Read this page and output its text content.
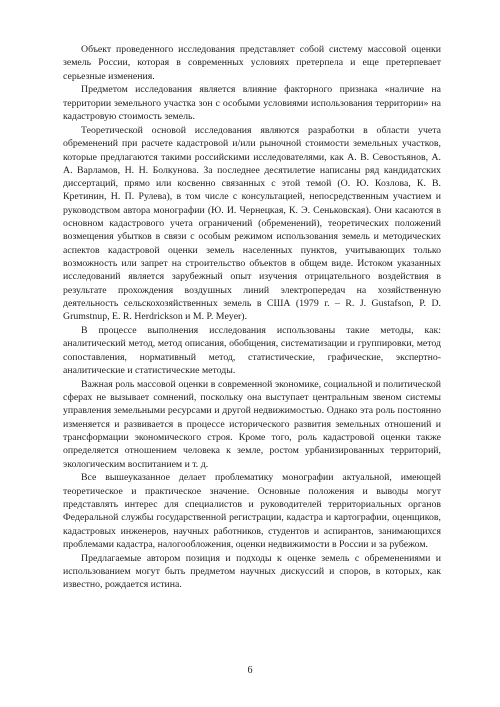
Объект проведенного исследования представляет собой систему массовой оценки земель России, которая в современных условиях претерпела и еще претерпевает серьезные изменения.

Предметом исследования является влияние факторного признака «наличие на территории земельного участка зон с особыми условиями использования территории» на кадастровую стоимость земель.

Теоретической основой исследования являются разработки в области учета обременений при расчете кадастровой и/или рыночной стоимости земельных участков, которые предлагаются такими российскими исследователями, как А. В. Севостьянов, А. А. Варламов, Н. Н. Болкунова. За последнее десятилетие написаны ряд кандидатских диссертаций, прямо или косвенно связанных с этой темой (О. Ю. Козлова, К. В. Кретинин, Н. П. Рулева), в том числе с консультацией, непосредственным участием и руководством автора монографии (Ю. И. Чернецкая, К. Э. Сеньковская). Они касаются в основном кадастрового учета ограничений (обременений), теоретических положений возмещения убытков в связи с особым режимом использования земель и методических аспектов кадастровой оценки земель населенных пунктов, учитывающих только возможность или запрет на строительство объектов в общем виде. Истоком указанных исследований является зарубежный опыт изучения отрицательного воздействия в результате прохождения воздушных линий электропередач на хозяйственную деятельность сельскохозяйственных земель в США (1979 г. – R. J. Gustafson, P. D. Grumstnup, E. R. Herdrickson и M. P. Meyer).

В процессе выполнения исследования использованы такие методы, как: аналитический метод, метод описания, обобщения, систематизации и группировки, метод сопоставления, нормативный метод, статистические, графические, экспертно-аналитические и статистические методы.

Важная роль массовой оценки в современной экономике, социальной и политической сферах не вызывает сомнений, поскольку она выступает центральным звеном системы управления земельными ресурсами и другой недвижимостью. Однако эта роль постоянно изменяется и развивается в процессе исторического развития земельных отношений и трансформации экономического строя. Кроме того, роль кадастровой оценки также определяется отношением человека к земле, ростом урбанизированных территорий, экологическим воспитанием и т. д.

Все вышеуказанное делает проблематику монографии актуальной, имеющей теоретическое и практическое значение. Основные положения и выводы могут представлять интерес для специалистов и руководителей территориальных органов Федеральной службы государственной регистрации, кадастра и картографии, оценщиков, кадастровых инженеров, научных работников, студентов и аспирантов, занимающихся проблемами кадастра, налогообложения, оценки недвижимости в России и за рубежом.

Предлагаемые автором позиция и подходы к оценке земель с обременениями и использованием могут быть предметом научных дискуссий и споров, в которых, как известно, рождается истина.

6
